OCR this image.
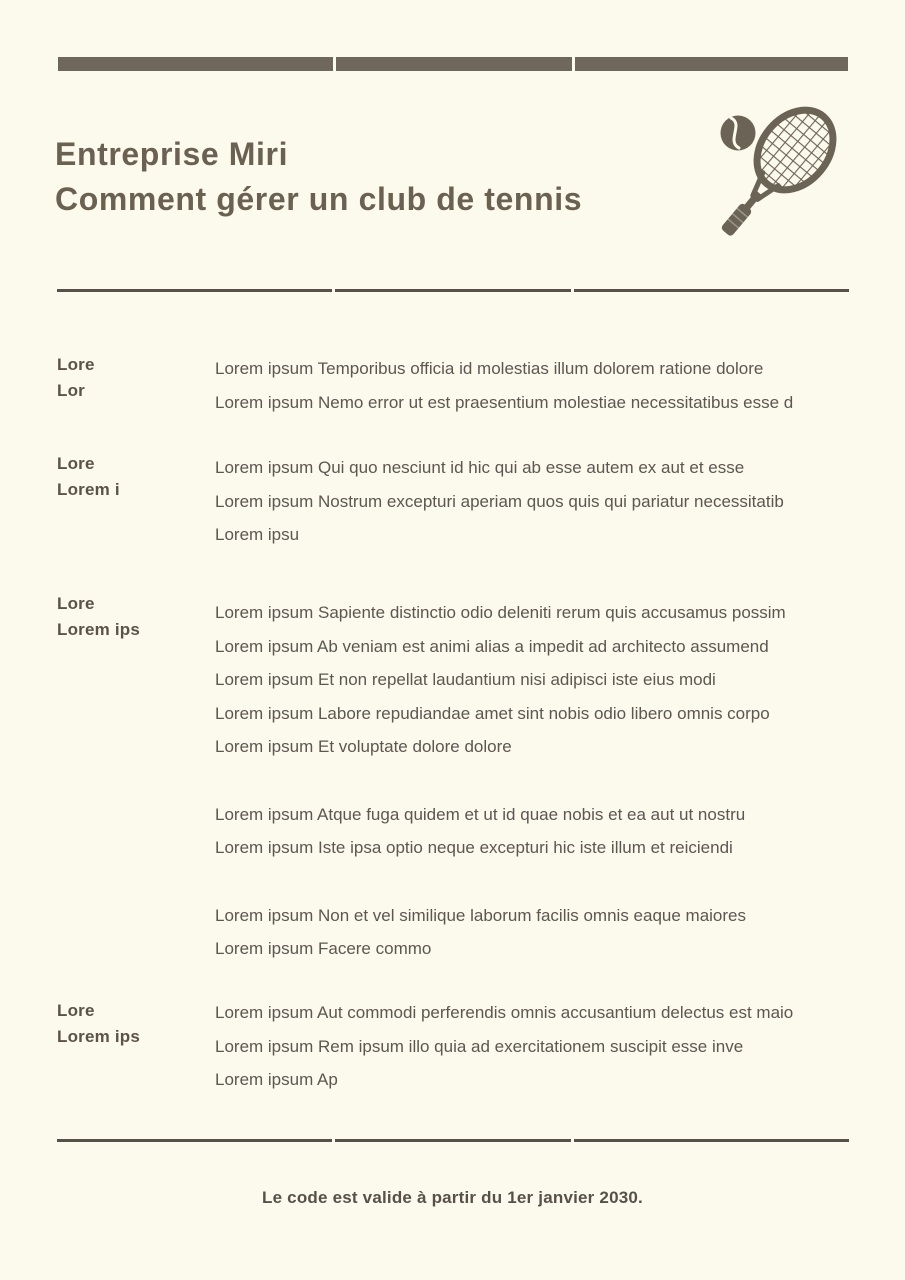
Entreprise Miri
Comment gérer un club de tennis
Lore
Lor
Lorem ipsum Temporibus officia id molestias illum dolorem ratione dolore
Lorem ipsum Nemo error ut est praesentium molestiae necessitatibus esse d
Lore
Lorem i
Lorem ipsum Qui quo nesciunt id hic qui ab esse autem ex aut et esse
Lorem ipsum Nostrum excepturi aperiam quos quis qui pariatur necessitatib
Lorem ipsu
Lore
Lorem ips
Lorem ipsum Sapiente distinctio odio deleniti rerum quis accusamus possim
Lorem ipsum Ab veniam est animi alias a impedit ad architecto assumend
Lorem ipsum Et non repellat laudantium nisi adipisci iste eius modi
Lorem ipsum Labore repudiandae amet sint nobis odio libero omnis corpo
Lorem ipsum Et voluptate dolore dolore
Lorem ipsum Atque fuga quidem et ut id quae nobis et ea aut ut nostru
Lorem ipsum Iste ipsa optio neque excepturi hic iste illum et reiciendi
Lorem ipsum Non et vel similique laborum facilis omnis eaque maiores
Lorem ipsum Facere commo
Lore
Lorem ips
Lorem ipsum Aut commodi perferendis omnis accusantium delectus est maio
Lorem ipsum Rem ipsum illo quia ad exercitationem suscipit esse inve
Lorem ipsum Ap
Le code est valide à partir du 1er janvier 2030.
